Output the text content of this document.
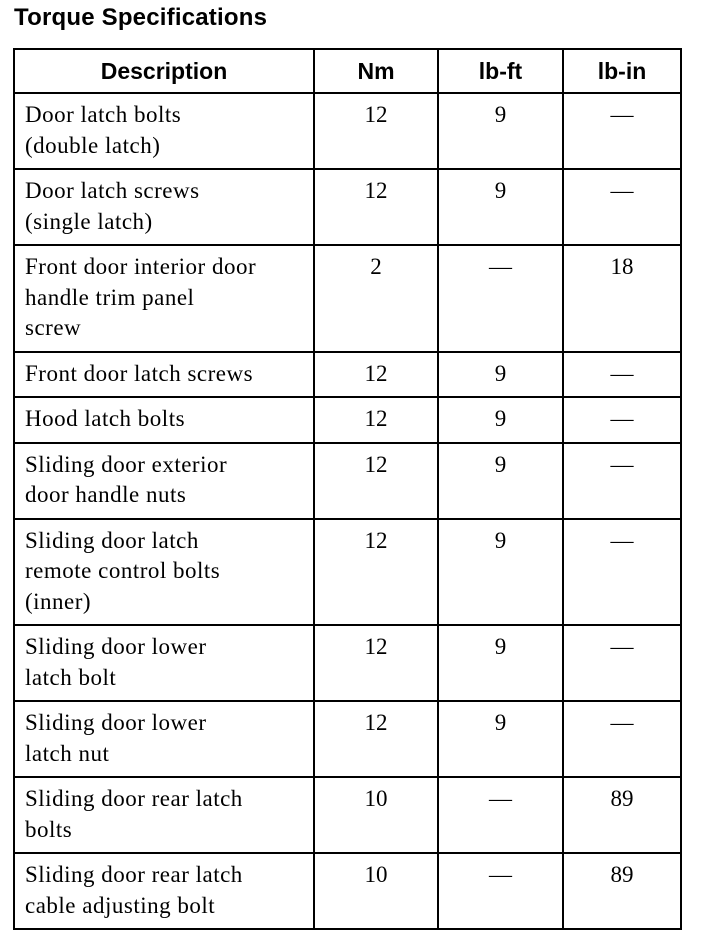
Torque Specifications
Description	Nm	lb-ft	lb-in

Door latch bolts
(double latch)	12	9	—

Door latch screws
(single latch)	12	9	—

Front door interior door
handle trim panel
screw	2	—	18

Front door latch screws	12	9	—

Hood latch bolts	12	9	—

Sliding door exterior
door handle nuts	12	9	—

Sliding door latch
remote control bolts
(inner)	12	9	—

Sliding door lower
latch bolt	12	9	—

Sliding door lower
latch nut	12	9	—

Sliding door rear latch
bolts	10	—	89

Sliding door rear latch
cable adjusting bolt	10	—	89
